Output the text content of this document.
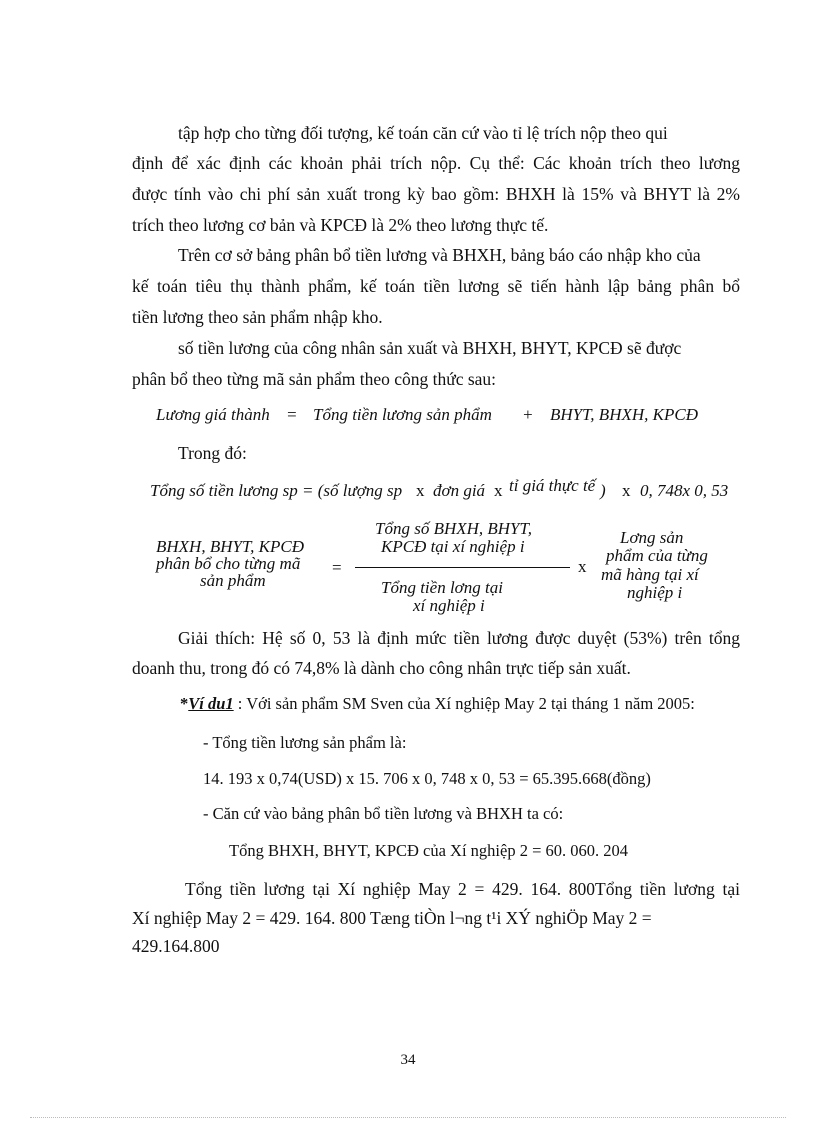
tập hợp cho từng đối tượng, kế toán căn cứ vào tỉ lệ trích nộp theo qui
định để xác định các khoản phải trích nộp. Cụ thể: Các khoản trích theo lương
được tính vào chi phí sản xuất trong kỳ bao gồm: BHXH là 15% và BHYT là 2%
trích theo lương cơ bản và KPCĐ là 2% theo lương thực tế.
Trên cơ sở bảng phân bổ tiền lương và BHXH, bảng báo cáo nhập kho của
kế toán tiêu thụ thành phẩm, kế toán tiền lương sẽ tiến hành lập bảng phân bổ
tiền lương theo sản phẩm nhập kho.
số tiền lương của công nhân sản xuất và BHXH, BHYT, KPCĐ sẽ được
phân bổ theo từng mã sản phẩm theo công thức sau:
Lương giá thành = Tổng tiền lương sản phẩm + BHYT, BHXH, KPCĐ
Trong đó:
Tổng số tiền lương sp = (số lượng sp x đơn giá x tỉ giá thực tế ) x 0, 748x 0, 53
BHXH, BHYT, KPCĐ
phân bổ cho từng mã
sản phẩm
=
Tổng số BHXH, BHYT,
KPCĐ tại xí nghiệp i
Tổng tiền lơng tại
xí nghiệp i
x
Lơng sản
phẩm của từng
mã hàng tại xí
nghiệp i
Giải thích: Hệ số 0, 53 là định mức tiền lương được duyệt (53%) trên tổng
doanh thu, trong đó có 74,8% là dành cho công nhân trực tiếp sản xuất.
*Ví du1 : Với sản phẩm SM Sven của Xí nghiệp May 2 tại tháng 1 năm 2005:
- Tổng tiền lương sản phẩm là:
14. 193 x 0,74(USD) x 15. 706 x 0, 748 x 0, 53 = 65.395.668(đồng)
- Căn cứ vào bảng phân bổ tiền lương và BHXH ta có:
Tổng BHXH, BHYT, KPCĐ của Xí nghiệp 2 = 60. 060. 204
Tổng tiền lương tại Xí nghiệp May 2 = 429. 164. 800Tổng tiền lương tại
Xí nghiệp May 2 = 429. 164. 800 Tæng tiÒn l¬ng t¹i XÝ nghiÖp May 2 =
429.164.800
34
